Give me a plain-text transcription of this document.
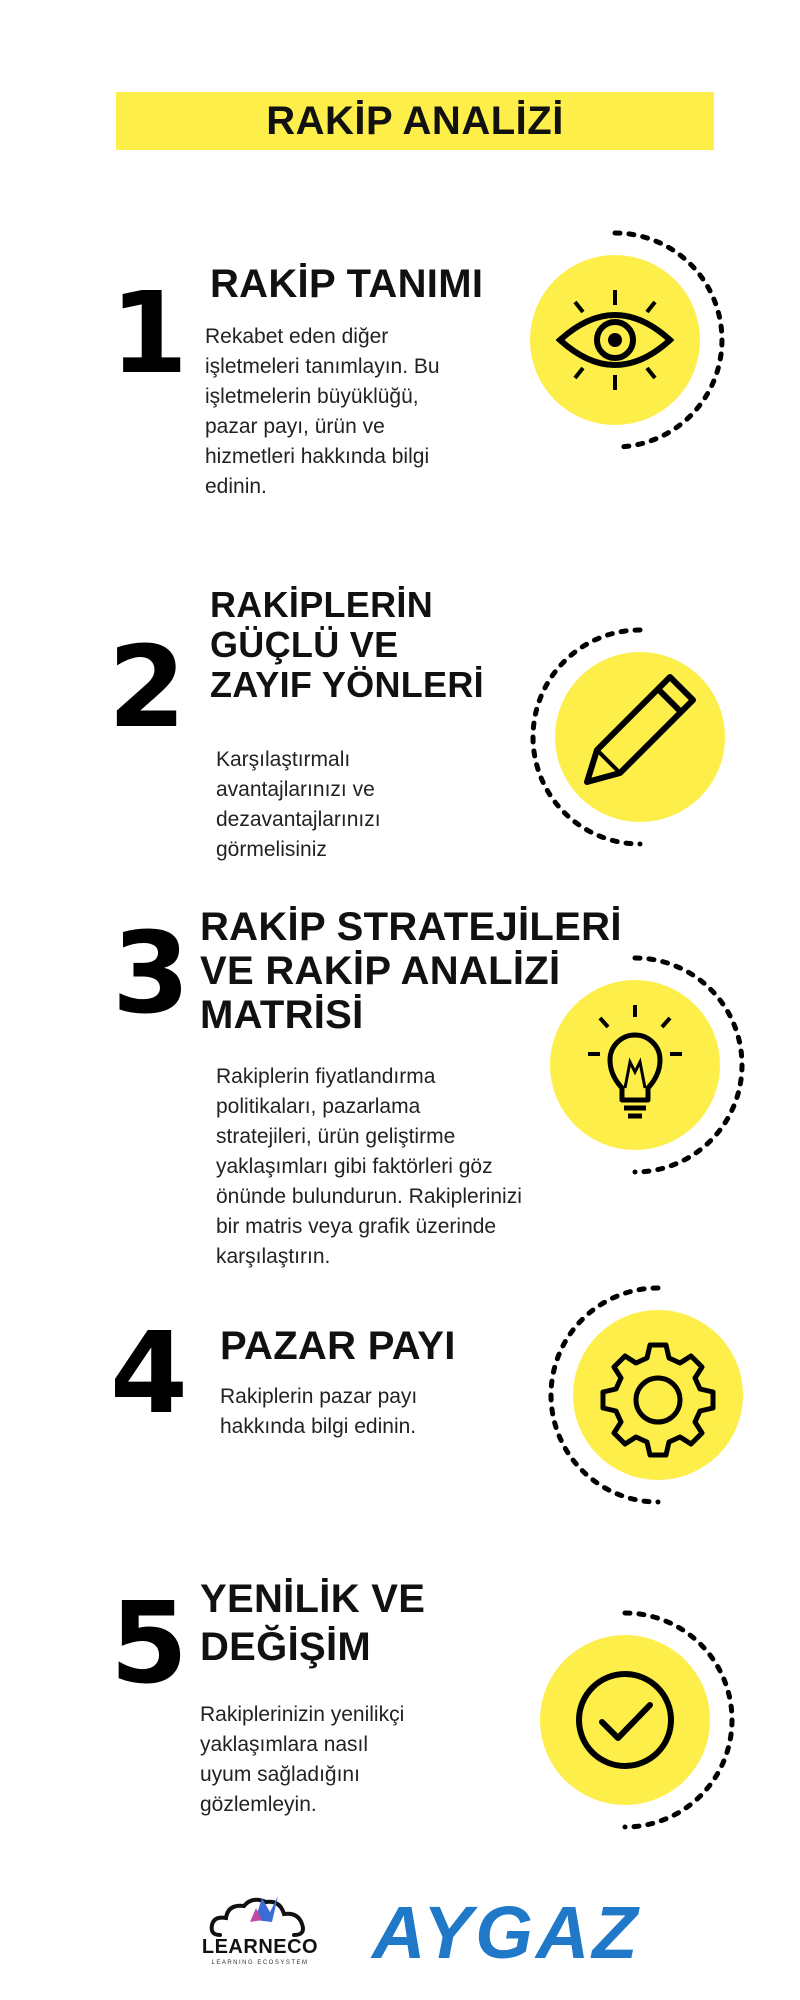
RAKİP ANALİZİ
1 RAKİP TANIMI
Rekabet eden diğer
işletmeleri tanımlayın. Bu
işletmelerin büyüklüğü,
pazar payı, ürün ve
hizmetleri hakkında bilgi
edinin.
2
RAKİPLERİN
GÜÇLÜ VE
ZAYIF YÖNLERİ
Karşılaştırmalı
avantajlarınızı ve
dezavantajlarınızı
görmelisiniz
3 RAKİP STRATEJİLERİ
VE RAKİP ANALİZİ
MATRİSİ
Rakiplerin fiyatlandırma
politikaları, pazarlama
stratejileri, ürün geliştirme
yaklaşımları gibi faktörleri göz
önünde bulundurun. Rakiplerinizi
bir matris veya grafik üzerinde
karşılaştırın.
4 PAZAR PAYI
Rakiplerin pazar payı
hakkında bilgi edinin.
5 YENİLİK VE
DEĞİŞİM
Rakiplerinizin yenilikçi
yaklaşımlara nasıl
uyum sağladığını
gözlemleyin.
LEARNECO
LEARNING ECOSYSTEM AYGAZ
